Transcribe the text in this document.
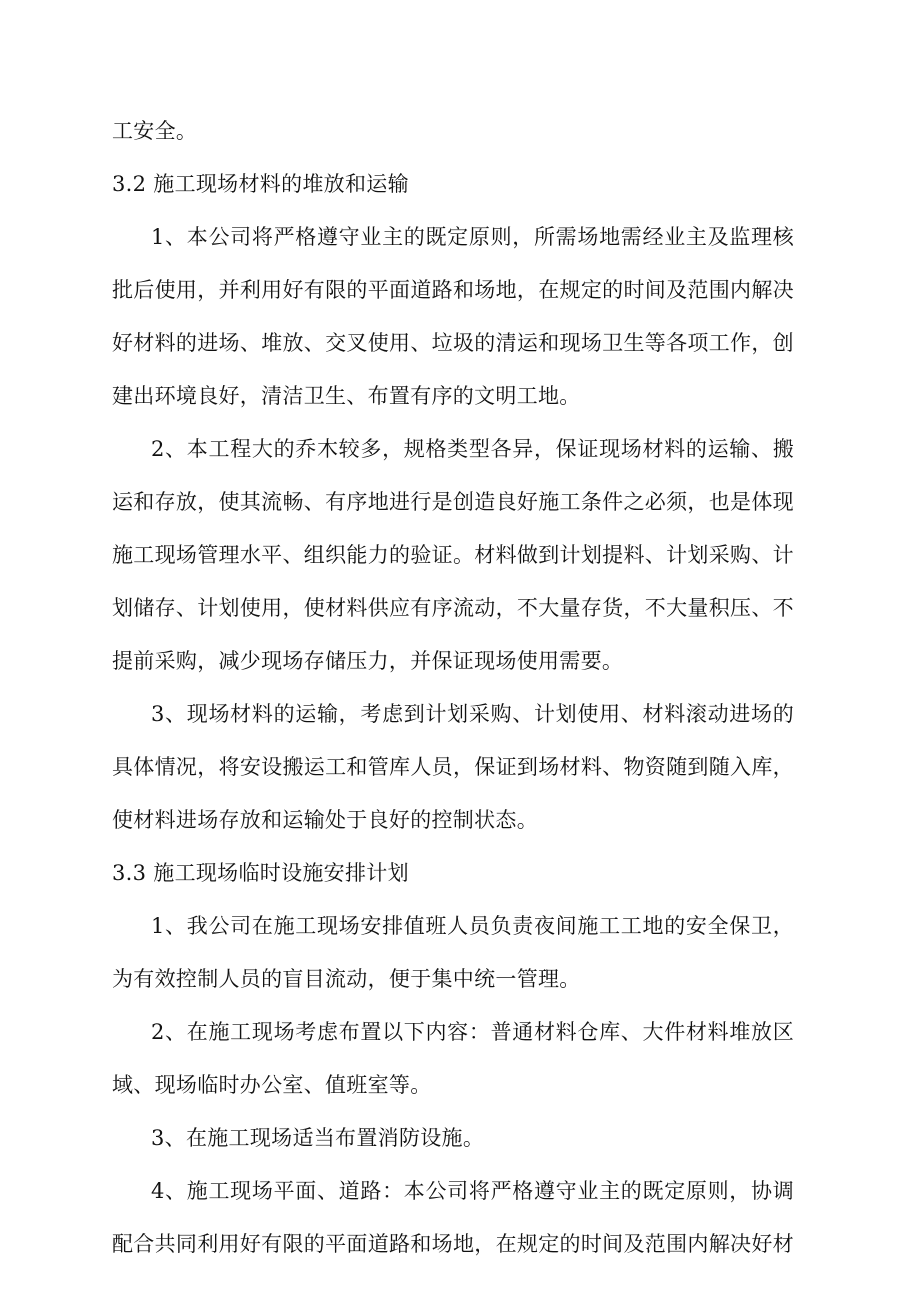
工安全。
3.2 施工现场材料的堆放和运输
1、本公司将严格遵守业主的既定原则，所需场地需经业主及监理核
批后使用，并利用好有限的平面道路和场地，在规定的时间及范围内解决
好材料的进场、堆放、交叉使用、垃圾的清运和现场卫生等各项工作，创
建出环境良好，清洁卫生、布置有序的文明工地。
2、本工程大的乔木较多，规格类型各异，保证现场材料的运输、搬
运和存放，使其流畅、有序地进行是创造良好施工条件之必须，也是体现
施工现场管理水平、组织能力的验证。材料做到计划提料、计划采购、计
划储存、计划使用，使材料供应有序流动，不大量存货，不大量积压、不
提前采购，减少现场存储压力，并保证现场使用需要。
3、现场材料的运输，考虑到计划采购、计划使用、材料滚动进场的
具体情况，将安设搬运工和管库人员，保证到场材料、物资随到随入库，
使材料进场存放和运输处于良好的控制状态。
3.3 施工现场临时设施安排计划
1、我公司在施工现场安排值班人员负责夜间施工工地的安全保卫，
为有效控制人员的盲目流动，便于集中统一管理。
2、在施工现场考虑布置以下内容：普通材料仓库、大件材料堆放区
域、现场临时办公室、值班室等。
3、在施工现场适当布置消防设施。
4、施工现场平面、道路：本公司将严格遵守业主的既定原则，协调
配合共同利用好有限的平面道路和场地，在规定的时间及范围内解决好材
